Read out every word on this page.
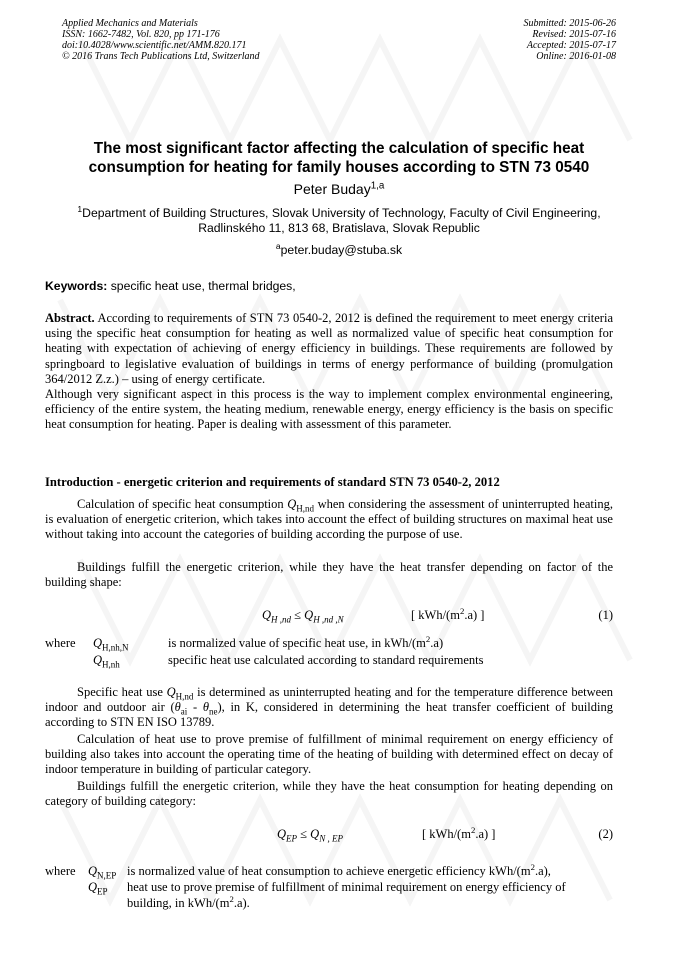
Applied Mechanics and Materials
ISSN: 1662-7482, Vol. 820, pp 171-176
doi:10.4028/www.scientific.net/AMM.820.171
© 2016 Trans Tech Publications Ltd, Switzerland
Submitted: 2015-06-26
Revised: 2015-07-16
Accepted: 2015-07-17
Online: 2016-01-08
The most significant factor affecting the calculation of specific heat
consumption for heating for family houses according to STN 73 0540
Peter Buday$^{1,a}$
$^1$Department of Building Structures, Slovak University of Technology, Faculty of Civil Engineering,
Radlinského 11, 813 68, Bratislava, Slovak Republic
$^a$peter.buday@stuba.sk
Keywords: specific heat use, thermal bridges,
Abstract. According to requirements of STN 73 0540-2, 2012 is defined the requirement to meet energy criteria using the specific heat consumption for heating as well as normalized value of specific heat consumption for heating with expectation of achieving of energy efficiency in buildings. These requirements are followed by springboard to legislative evaluation of buildings in terms of energy performance of building (promulgation 364/2012 Z.z.) – using of energy certificate.
Although very significant aspect in this process is the way to implement complex environmental engineering, efficiency of the entire system, the heating medium, renewable energy, energy efficiency is the basis on specific heat consumption for heating. Paper is dealing with assessment of this parameter.
Introduction - energetic criterion and requirements of standard STN 73 0540-2, 2012
Calculation of specific heat consumption $Q_{H,nd}$ when considering the assessment of uninterrupted heating, is evaluation of energetic criterion, which takes into account the effect of building structures on maximal heat use without taking into account the categories of building according the purpose of use.
Buildings fulfill the energetic criterion, while they have the heat transfer depending on factor of the building shape:
$Q_{H ,nd} \le Q_{H ,nd ,N}$	[ kWh/$(m^2.a)$ ]	(1)
where $Q_{H,nh,N}$	is normalized value of specific heat use, in kWh/$(m^2.a)$
$Q_{H,nh}$	specific heat use calculated according to standard requirements
Specific heat use $Q_{H,nd}$ is determined as uninterrupted heating and for the temperature difference between indoor and outdoor air $(\theta_{ai} - \theta_{ne})$, in K, considered in determining the heat transfer coefficient of building according to STN EN ISO 13789.
Calculation of heat use to prove premise of fulfillment of minimal requirement on energy efficiency of building also takes into account the operating time of the heating of building with determined effect on decay of indoor temperature in building of particular category.
Buildings fulfill the energetic criterion, while they have the heat consumption for heating depending on category of building category:
$Q_{EP} \le Q_{N , EP}$	[ kWh/$(m^2.a)$ ]	(2)
where $Q_{N,EP}$ is normalized value of heat consumption to achieve energetic efficiency kWh/$(m^2.a)$,
$Q_{EP}$ heat use to prove premise of fulfillment of minimal requirement on energy efficiency of
building, in kWh/$(m^2.a)$.
